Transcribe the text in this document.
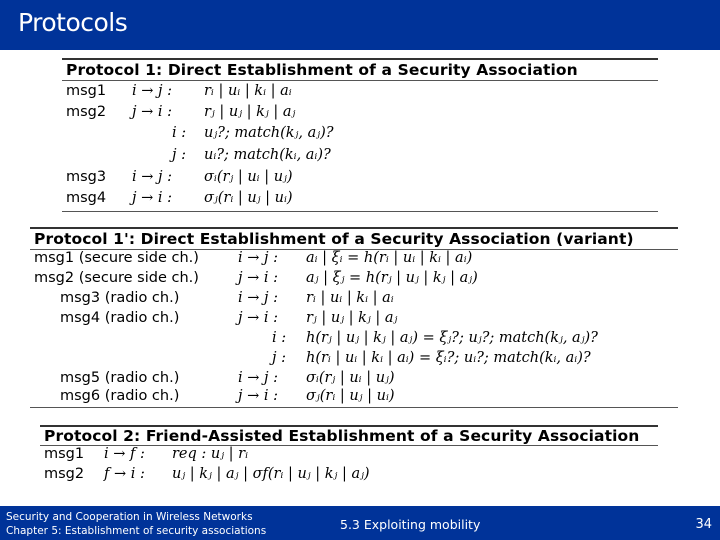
Protocols
Protocol 1: Direct Establishment of a Security Association
msg1 i → j : rᵢ | uᵢ | kᵢ | aᵢ
msg2 j → i : rⱼ | uⱼ | kⱼ | aⱼ
i : uⱼ?; match(kⱼ, aⱼ)?
j : uᵢ?; match(kᵢ, aᵢ)?
msg3 i → j : σᵢ(rⱼ | uᵢ | uⱼ)
msg4 j → i : σⱼ(rᵢ | uⱼ | uᵢ)
Protocol 1': Direct Establishment of a Security Association (variant)
msg1 (secure side ch.)	i → j : aᵢ | ξᵢ = h(rᵢ | uᵢ | kᵢ | aᵢ)
msg2 (secure side ch.)	j → i : aⱼ | ξⱼ = h(rⱼ | uⱼ | kⱼ | aⱼ)
msg3 (radio ch.)	i → j : rᵢ | uᵢ | kᵢ | aᵢ
msg4 (radio ch.)	j → i : rⱼ | uⱼ | kⱼ | aⱼ
i : h(rⱼ | uⱼ | kⱼ | aⱼ) = ξⱼ?; uⱼ?; match(kⱼ, aⱼ)?
j : h(rᵢ | uᵢ | kᵢ | aᵢ) = ξᵢ?; uᵢ?; match(kᵢ, aᵢ)?
msg5 (radio ch.)	i → j : σᵢ(rⱼ | uᵢ | uⱼ)
msg6 (radio ch.)	j → i : σⱼ(rᵢ | uⱼ | uᵢ)
Protocol 2: Friend-Assisted Establishment of a Security Association
msg1 i → f : req : uⱼ | rᵢ
msg2 f → i : uⱼ | kⱼ | aⱼ | σf(rᵢ | uⱼ | kⱼ | aⱼ)
Security and Cooperation in Wireless Networks
Chapter 5: Establishment of security associations	5.3 Exploiting mobility	34
